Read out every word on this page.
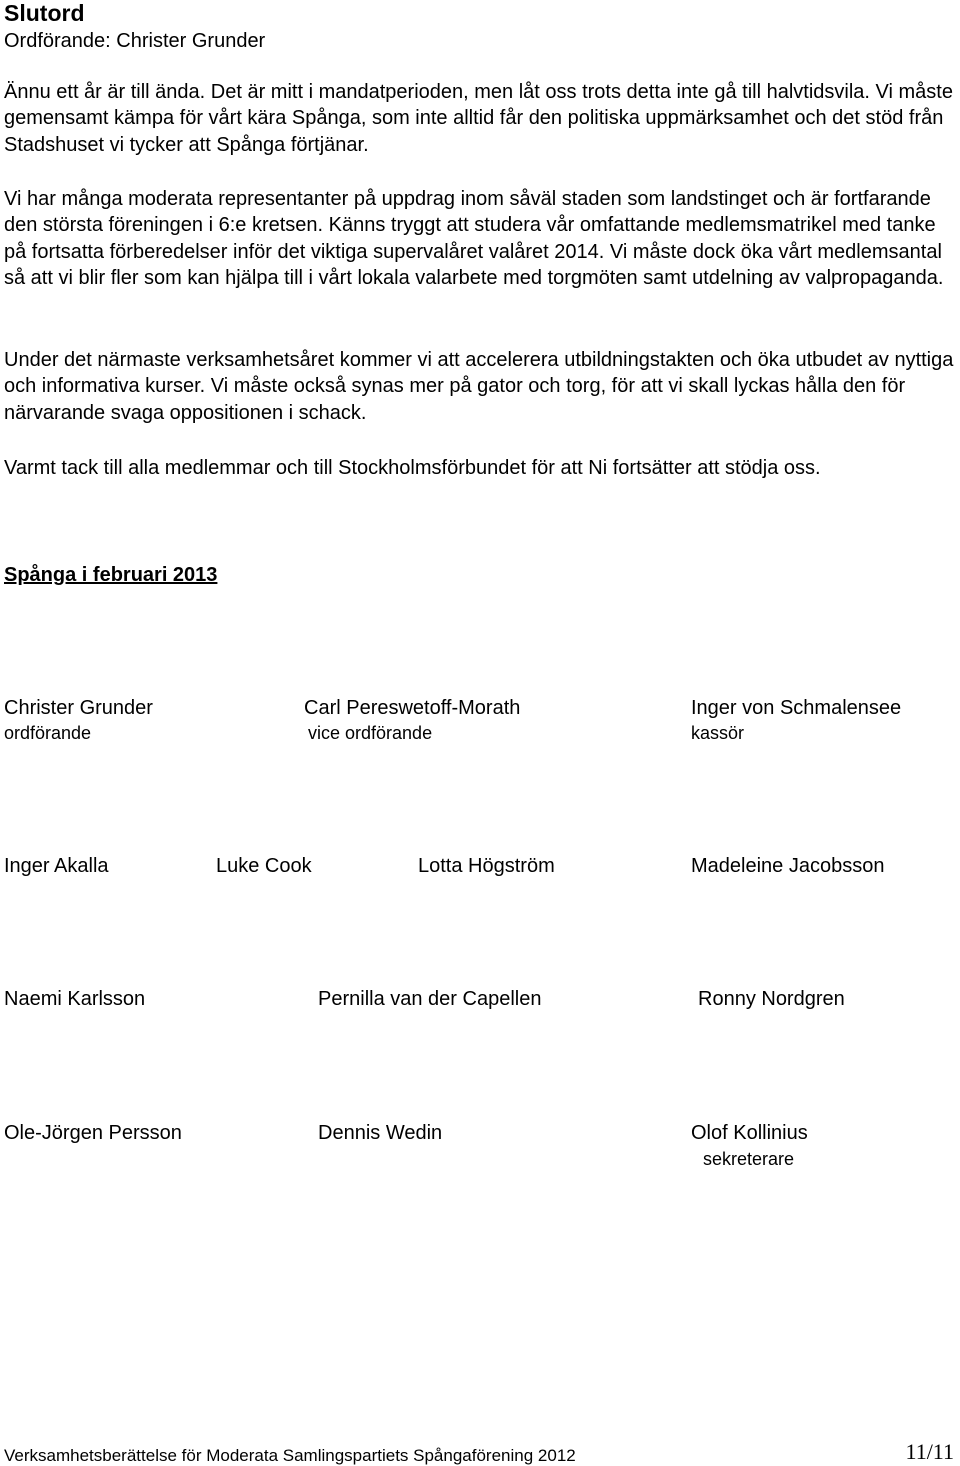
Slutord
Ordförande: Christer Grunder

Ännu ett år är till ända. Det är mitt i mandatperioden, men låt oss trots detta inte gå till halvtidsvila. Vi måste gemensamt kämpa för vårt kära Spånga, som inte alltid får den politiska uppmärksamhet och det stöd från Stadshuset vi tycker att Spånga förtjänar.

Vi har många moderata representanter på uppdrag inom såväl staden som landstinget och är fortfarande den största föreningen i 6:e kretsen. Känns tryggt att studera vår omfattande medlemsmatrikel med tanke på fortsatta förberedelser inför det viktiga supervalåret valåret 2014. Vi måste dock öka vårt medlemsantal så att vi blir fler som kan hjälpa till i vårt lokala valarbete med torgmöten samt utdelning av valpropaganda.

Under det närmaste verksamhetsåret kommer vi att accelerera utbildningstakten och öka utbudet av nyttiga och informativa kurser. Vi måste också synas mer på gator och torg, för att vi skall lyckas hålla den för närvarande svaga oppositionen i schack.

Varmt tack till alla medlemmar och till Stockholmsförbundet för att Ni fortsätter att stödja oss.

Spånga i februari 2013
Christer Grunder
ordförande
Carl Pereswetoff-Morath
vice ordförande
Inger von Schmalensee
kassör
Inger Akalla	Luke Cook	Lotta Högström	Madeleine Jacobsson
Naemi Karlsson	Pernilla van der Capellen	Ronny Nordgren
Ole-Jörgen Persson	Dennis Wedin	Olof Kollinius
sekreterare
Verksamhetsberättelse för Moderata Samlingspartiets Spångaförening 2012	11/11
